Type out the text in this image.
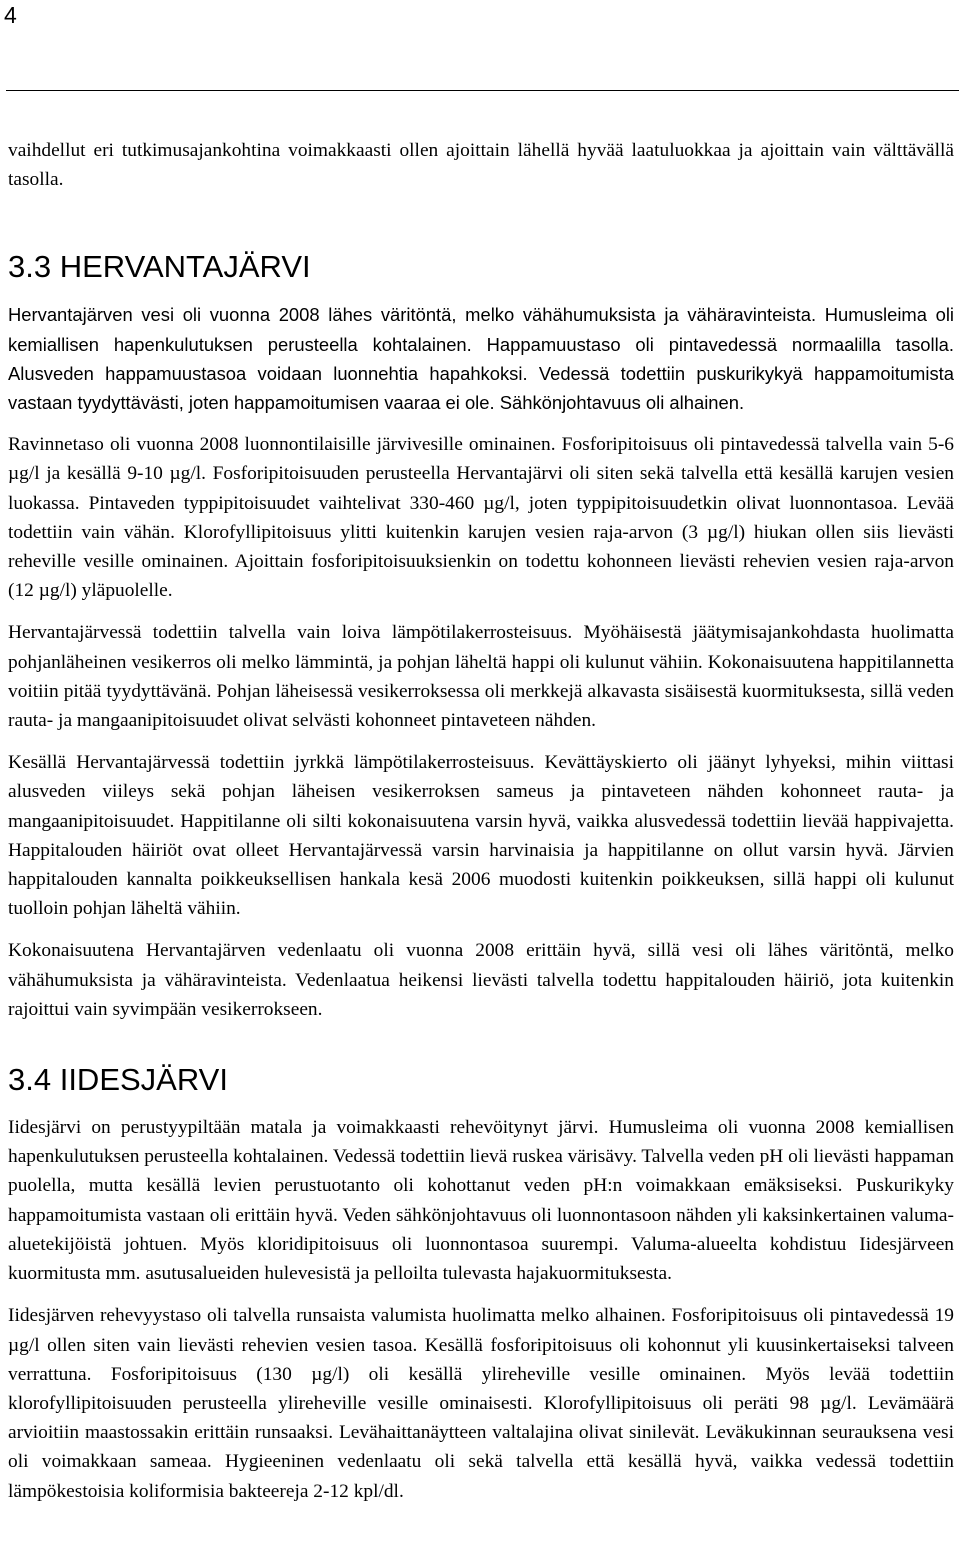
4

vaihdellut eri tutkimusajankohtina voimakkaasti ollen ajoittain lähellä hyvää laatuluokkaa ja ajoittain vain välttävällä tasolla.

3.3 HERVANTAJÄRVI

Hervantajärven vesi oli vuonna 2008 lähes väritöntä, melko vähähumuksista ja vähäravinteista. Humusleima oli kemiallisen hapenkulutuksen perusteella kohtalainen. Happamuustaso oli pintavedessä normaalilla tasolla. Alusveden happamuustasoa voidaan luonnehtia hapahkoksi. Vedessä todettiin puskurikykyä happamoitumista vastaan tyydyttävästi, joten happamoitumisen vaaraa ei ole. Sähkönjohtavuus oli alhainen.

Ravinnetaso oli vuonna 2008 luonnontilaisille järvivesille ominainen. Fosforipitoisuus oli pintavedessä talvella vain 5-6 µg/l ja kesällä 9-10 µg/l. Fosforipitoisuuden perusteella Hervantajärvi oli siten sekä talvella että kesällä karujen vesien luokassa. Pintaveden typpipitoisuudet vaihtelivat 330-460 µg/l, joten typpipitoisuudetkin olivat luonnontasoa. Levää todettiin vain vähän. Klorofyllipitoisuus ylitti kuitenkin karujen vesien raja-arvon (3 µg/l) hiukan ollen siis lievästi reheville vesille ominainen. Ajoittain fosforipitoisuuksienkin on todettu kohonneen lievästi rehevien vesien raja-arvon (12 µg/l) yläpuolelle.

Hervantajärvessä todettiin talvella vain loiva lämpötilakerrosteisuus. Myöhäisestä jäätymisajankohdasta huolimatta pohjanläheinen vesikerros oli melko lämmintä, ja pohjan läheltä happi oli kulunut vähiin. Kokonaisuutena happitilannetta voitiin pitää tyydyttävänä. Pohjan läheisessä vesikerroksessa oli merkkejä alkavasta sisäisestä kuormituksesta, sillä veden rauta- ja mangaanipitoisuudet olivat selvästi kohonneet pintaveteen nähden.

Kesällä Hervantajärvessä todettiin jyrkkä lämpötilakerrosteisuus. Kevättäyskierto oli jäänyt lyhyeksi, mihin viittasi alusveden viileys sekä pohjan läheisen vesikerroksen sameus ja pintaveteen nähden kohonneet rauta- ja mangaanipitoisuudet. Happitilanne oli silti kokonaisuutena varsin hyvä, vaikka alusvedessä todettiin lievää happivajetta. Happitalouden häiriöt ovat olleet Hervantajärvessä varsin harvinaisia ja happitilanne on ollut varsin hyvä. Järvien happitalouden kannalta poikkeuksellisen hankala kesä 2006 muodosti kuitenkin poikkeuksen, sillä happi oli kulunut tuolloin pohjan läheltä vähiin.

Kokonaisuutena Hervantajärven vedenlaatu oli vuonna 2008 erittäin hyvä, sillä vesi oli lähes väritöntä, melko vähähumuksista ja vähäravinteista. Vedenlaatua heikensi lievästi talvella todettu happitalouden häiriö, jota kuitenkin rajoittui vain syvimpään vesikerrokseen.

3.4 IIDESJÄRVI

Iidesjärvi on perustyypiltään matala ja voimakkaasti rehevöitynyt järvi. Humusleima oli vuonna 2008 kemiallisen hapenkulutuksen perusteella kohtalainen. Vedessä todettiin lievä ruskea värisävy. Talvella veden pH oli lievästi happaman puolella, mutta kesällä levien perustuotanto oli kohottanut veden pH:n voimakkaan emäksiseksi. Puskurikyky happamoitumista vastaan oli erittäin hyvä. Veden sähkönjohtavuus oli luonnontasoon nähden yli kaksinkertainen valuma-aluetekijöistä johtuen. Myös kloridipitoisuus oli luonnontasoa suurempi. Valuma-alueelta kohdistuu Iidesjärveen kuormitusta mm. asutusalueiden hulevesistä ja pelloilta tulevasta hajakuormituksesta.

Iidesjärven rehevyystaso oli talvella runsaista valumista huolimatta melko alhainen. Fosforipitoisuus oli pintavedessä 19 µg/l ollen siten vain lievästi rehevien vesien tasoa. Kesällä fosforipitoisuus oli kohonnut yli kuusinkertaiseksi talveen verrattuna. Fosforipitoisuus (130 µg/l) oli kesällä ylireheville vesille ominainen. Myös levää todettiin klorofyllipitoisuuden perusteella ylireheville vesille ominaisesti. Klorofyllipitoisuus oli peräti 98 µg/l. Levämäärä arvioitiin maastossakin erittäin runsaaksi. Levähaittanäytteen valtalajina olivat sinilevät. Leväkukinnan seurauksena vesi oli voimakkaan sameaa. Hygieeninen vedenlaatu oli sekä talvella että kesällä hyvä, vaikka vedessä todettiin lämpökestoisia koliformisia bakteereja 2-12 kpl/dl.
